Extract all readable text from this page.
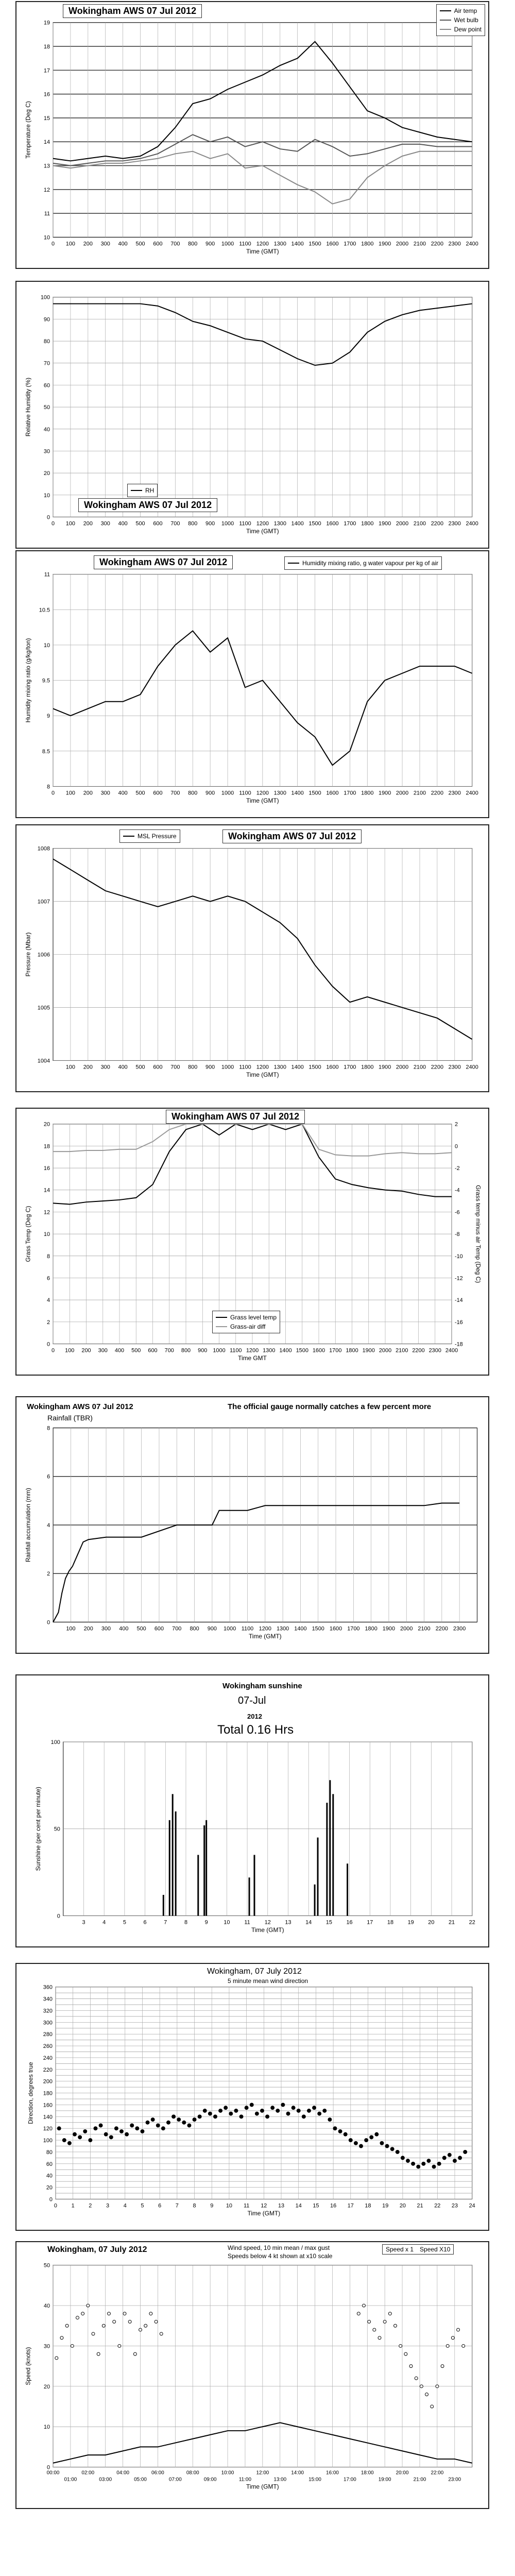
10
11
12
13
14
15
16
17
18
19
0 100 200 300 400 500 600 700 800 900 1000 1100 1200 1300 1400 1500 1600 1700 1800 1900 2000 2100 2200 2300 2400
Time (GMT)
Temperature (Deg C)
Wokingham AWS 07 Jul 2012	Air temp
Wet bulb
Dew point
0
10
20
30
40
50
60
70
80
90
100
0 100 200 300 400 500 600 700 800 900 1000 1100 1200 1300 1400 1500 1600 1700 1800 1900 2000 2100 2200 2300 2400
Time (GMT)
Relative Humidity (%)
RH
Wokingham AWS 07 Jul 2012
8
8.5
9
9.5
10
10.5
11
0 100 200 300 400 500 600 700 800 900 1000 1100 1200 1300 1400 1500 1600 1700 1800 1900 2000 2100 2200 2300 2400
Time (GMT)
Humidity mixing ratio (g/kg/ton)
Wokingham AWS 07 Jul 2012	Humidity mixing ratio, g water vapour per kg of air
1004
1005
1006
1007
1008
100 200 300 400 500 600 700 800 900 1000 1100 1200 1300 1400 1500 1600 1700 1800 1900 2000 2100 2200 2300 2400
Time (GMT)
Pressure (Mbar)
MSL Pressure	Wokingham AWS 07 Jul 2012
0
2
4
6
8
10
12
14
16
18
20
0 100 200 300 400 500 600 700 800 900 1000 1100 1200 1300 1400 1500 1600 1700 1800 1900 2000 2100 2200 2300 2400
Time GMT
Grass Temp (Deg C)
-18
-16
-14
-12
-10
-8
-6
-4
-2
0
2
Grass temp minus air Temp (Deg C)
Wokingham AWS 07 Jul 2012
Grass level temp
Grass-air diff
0
2
4
6
8
100 200 300 400 500 600 700 800 900 1000 1100 1200 1300 1400 1500 1600 1700 1800 1900 2000 2100 2200 2300
Time (GMT)
Rainfall accumulation (mm)
Wokingham AWS 07 Jul 2012
Rainfall (TBR)
The official gauge normally catches a few percent more
0
50
100
3	4	5	6	7	8	9	10	11	12	13	14	15	16	17	18	19	20	21	22
Time (GMT)
Sunshine (per cent per minute)
Wokingham sunshine
07-Jul
2012
Total 0.16 Hrs
0
20
40
60
80
100
120
140
160
180
200
220
240
260
280
300
320
340
360
0	1	2	3	4	5	6	7	8	9 10 11 12 13 14 15 16 17 18 19 20 21 22 23 24
Time (GMT)
Direction, degrees true
Wokingham, 07 July 2012
5 minute mean wind direction
0
10
20
30
40
50
00:00	02:00	04:00	06:00	08:00	10:00	12:00	14:00	16:00	18:00	20:00	22:00
01:00	03:00	05:00	07:00	09:00	11:00	13:00	15:00	17:00	19:00	21:00	23:00
Time (GMT)
Speed (knots)
Wokingham, 07 July 2012	Wind speed, 10 min mean / max gust
Speeds below 4 kt shown at x10 scale
Speed x 1 Speed X10
